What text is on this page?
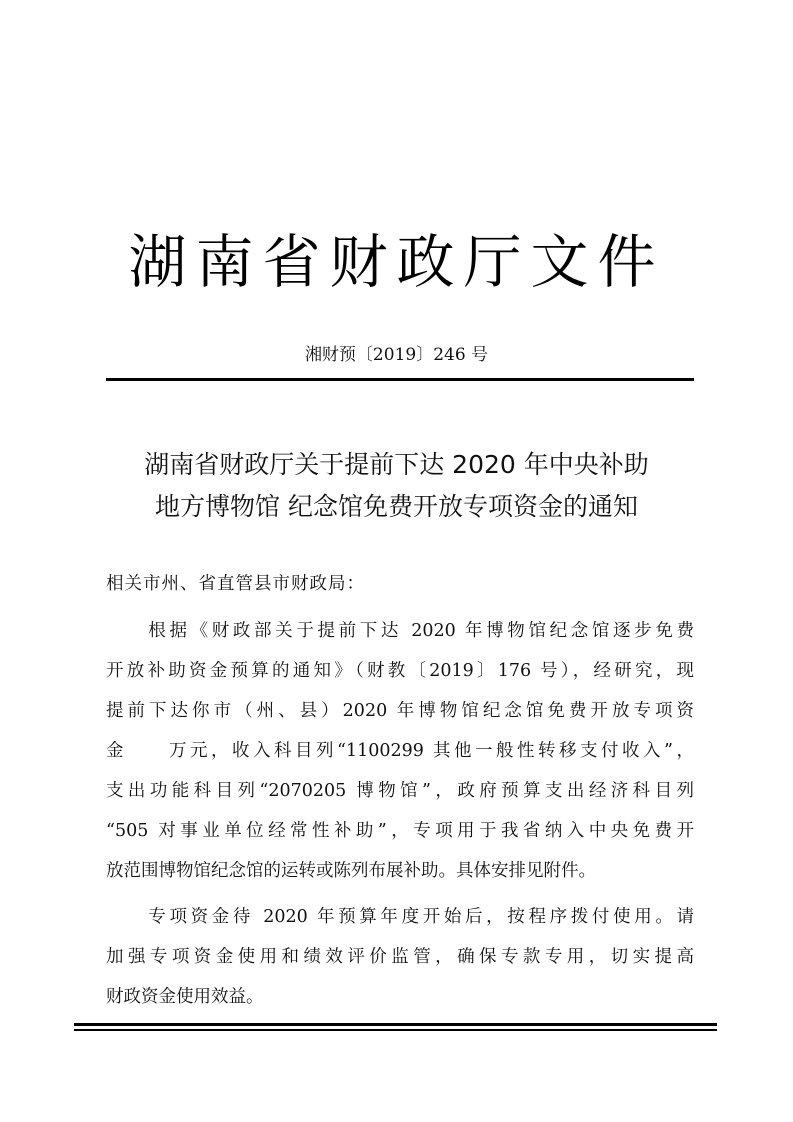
湖南省财政厅文件
湘财预〔2019〕246 号
湖南省财政厅关于提前下达 2020 年中央补助
地方博物馆 纪念馆免费开放专项资金的通知
相关市州、省直管县市财政局：
　　根据《财政部关于提前下达 2020 年博物馆纪念馆逐步免费
开放补助资金预算的通知》（财教〔2019〕176 号），经研究，现
提前下达你市（州、县）2020 年博物馆纪念馆免费开放专项资
金　　万元，收入科目列“1100299 其他一般性转移支付收入”，
支出功能科目列“2070205 博物馆”，政府预算支出经济科目列
“505 对事业单位经常性补助”，专项用于我省纳入中央免费开
放范围博物馆纪念馆的运转或陈列布展补助。具体安排见附件。
　　专项资金待 2020 年预算年度开始后，按程序拨付使用。请
加强专项资金使用和绩效评价监管，确保专款专用，切实提高
财政资金使用效益。
